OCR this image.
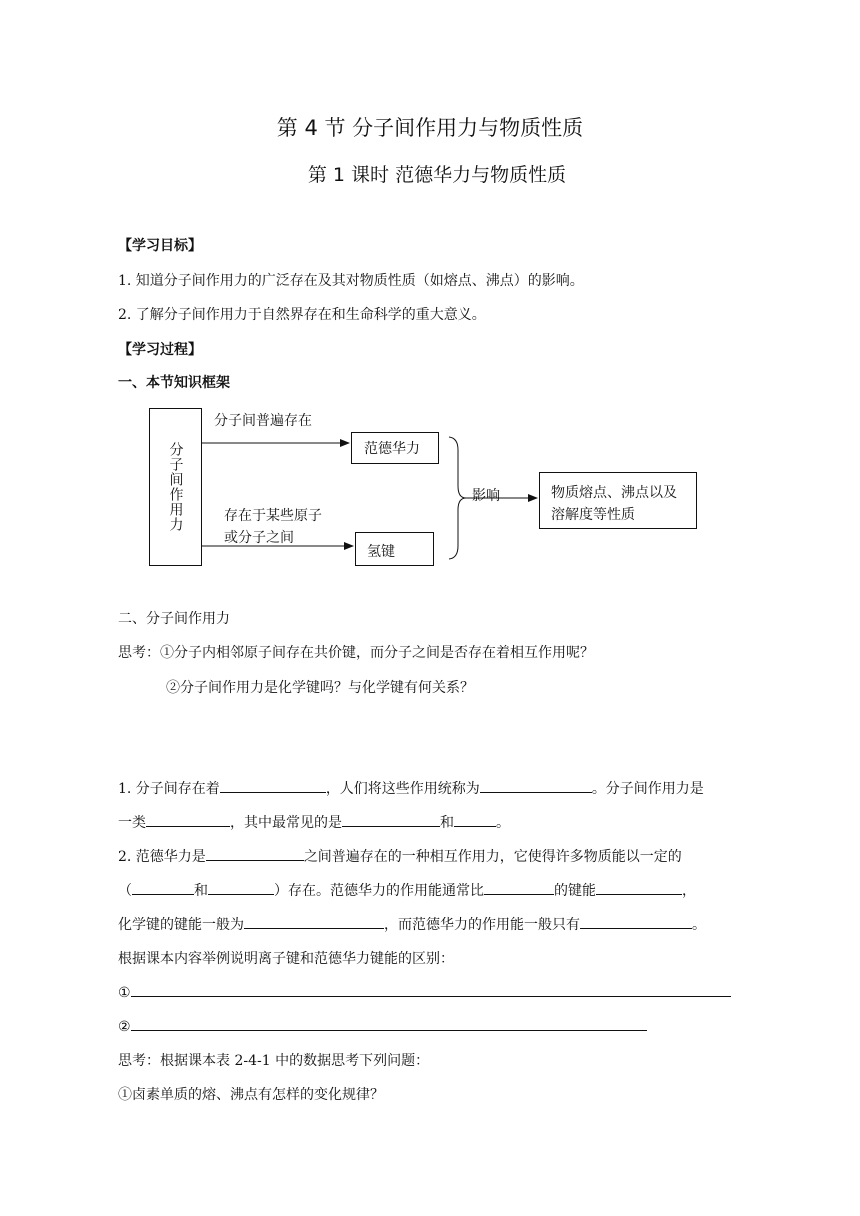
第 4 节 分子间作用力与物质性质
第 1 课时 范德华力与物质性质
【学习目标】
1. 知道分子间作用力的广泛存在及其对物质性质（如熔点、沸点）的影响。
2. 了解分子间作用力于自然界存在和生命科学的重大意义。
【学习过程】
一、本节知识框架
分子间作用力
分子间普遍存在
范德华力
存在于某些原子
或分子之间
氢键
影响	物质熔点、沸点以及
溶解度等性质
二、分子间作用力
思考：①分子内相邻原子间存在共价键，而分子之间是否存在着相互作用呢？
②分子间作用力是化学键吗？与化学键有何关系？
1. 分子间存在着	，人们将这些作用统称为	。分子间作用力是
一类	，其中最常见的是	和	。
2. 范德华力是	之间普遍存在的一种相互作用力，它使得许多物质能以一定的
（	和	）存在。范德华力的作用能通常比	的键能	，
化学键的键能一般为	，而范德华力的作用能一般只有	。
根据课本内容举例说明离子键和范德华力键能的区别：
①
②
思考：根据课本表 2-4-1 中的数据思考下列问题：
①卤素单质的熔、沸点有怎样的变化规律？
